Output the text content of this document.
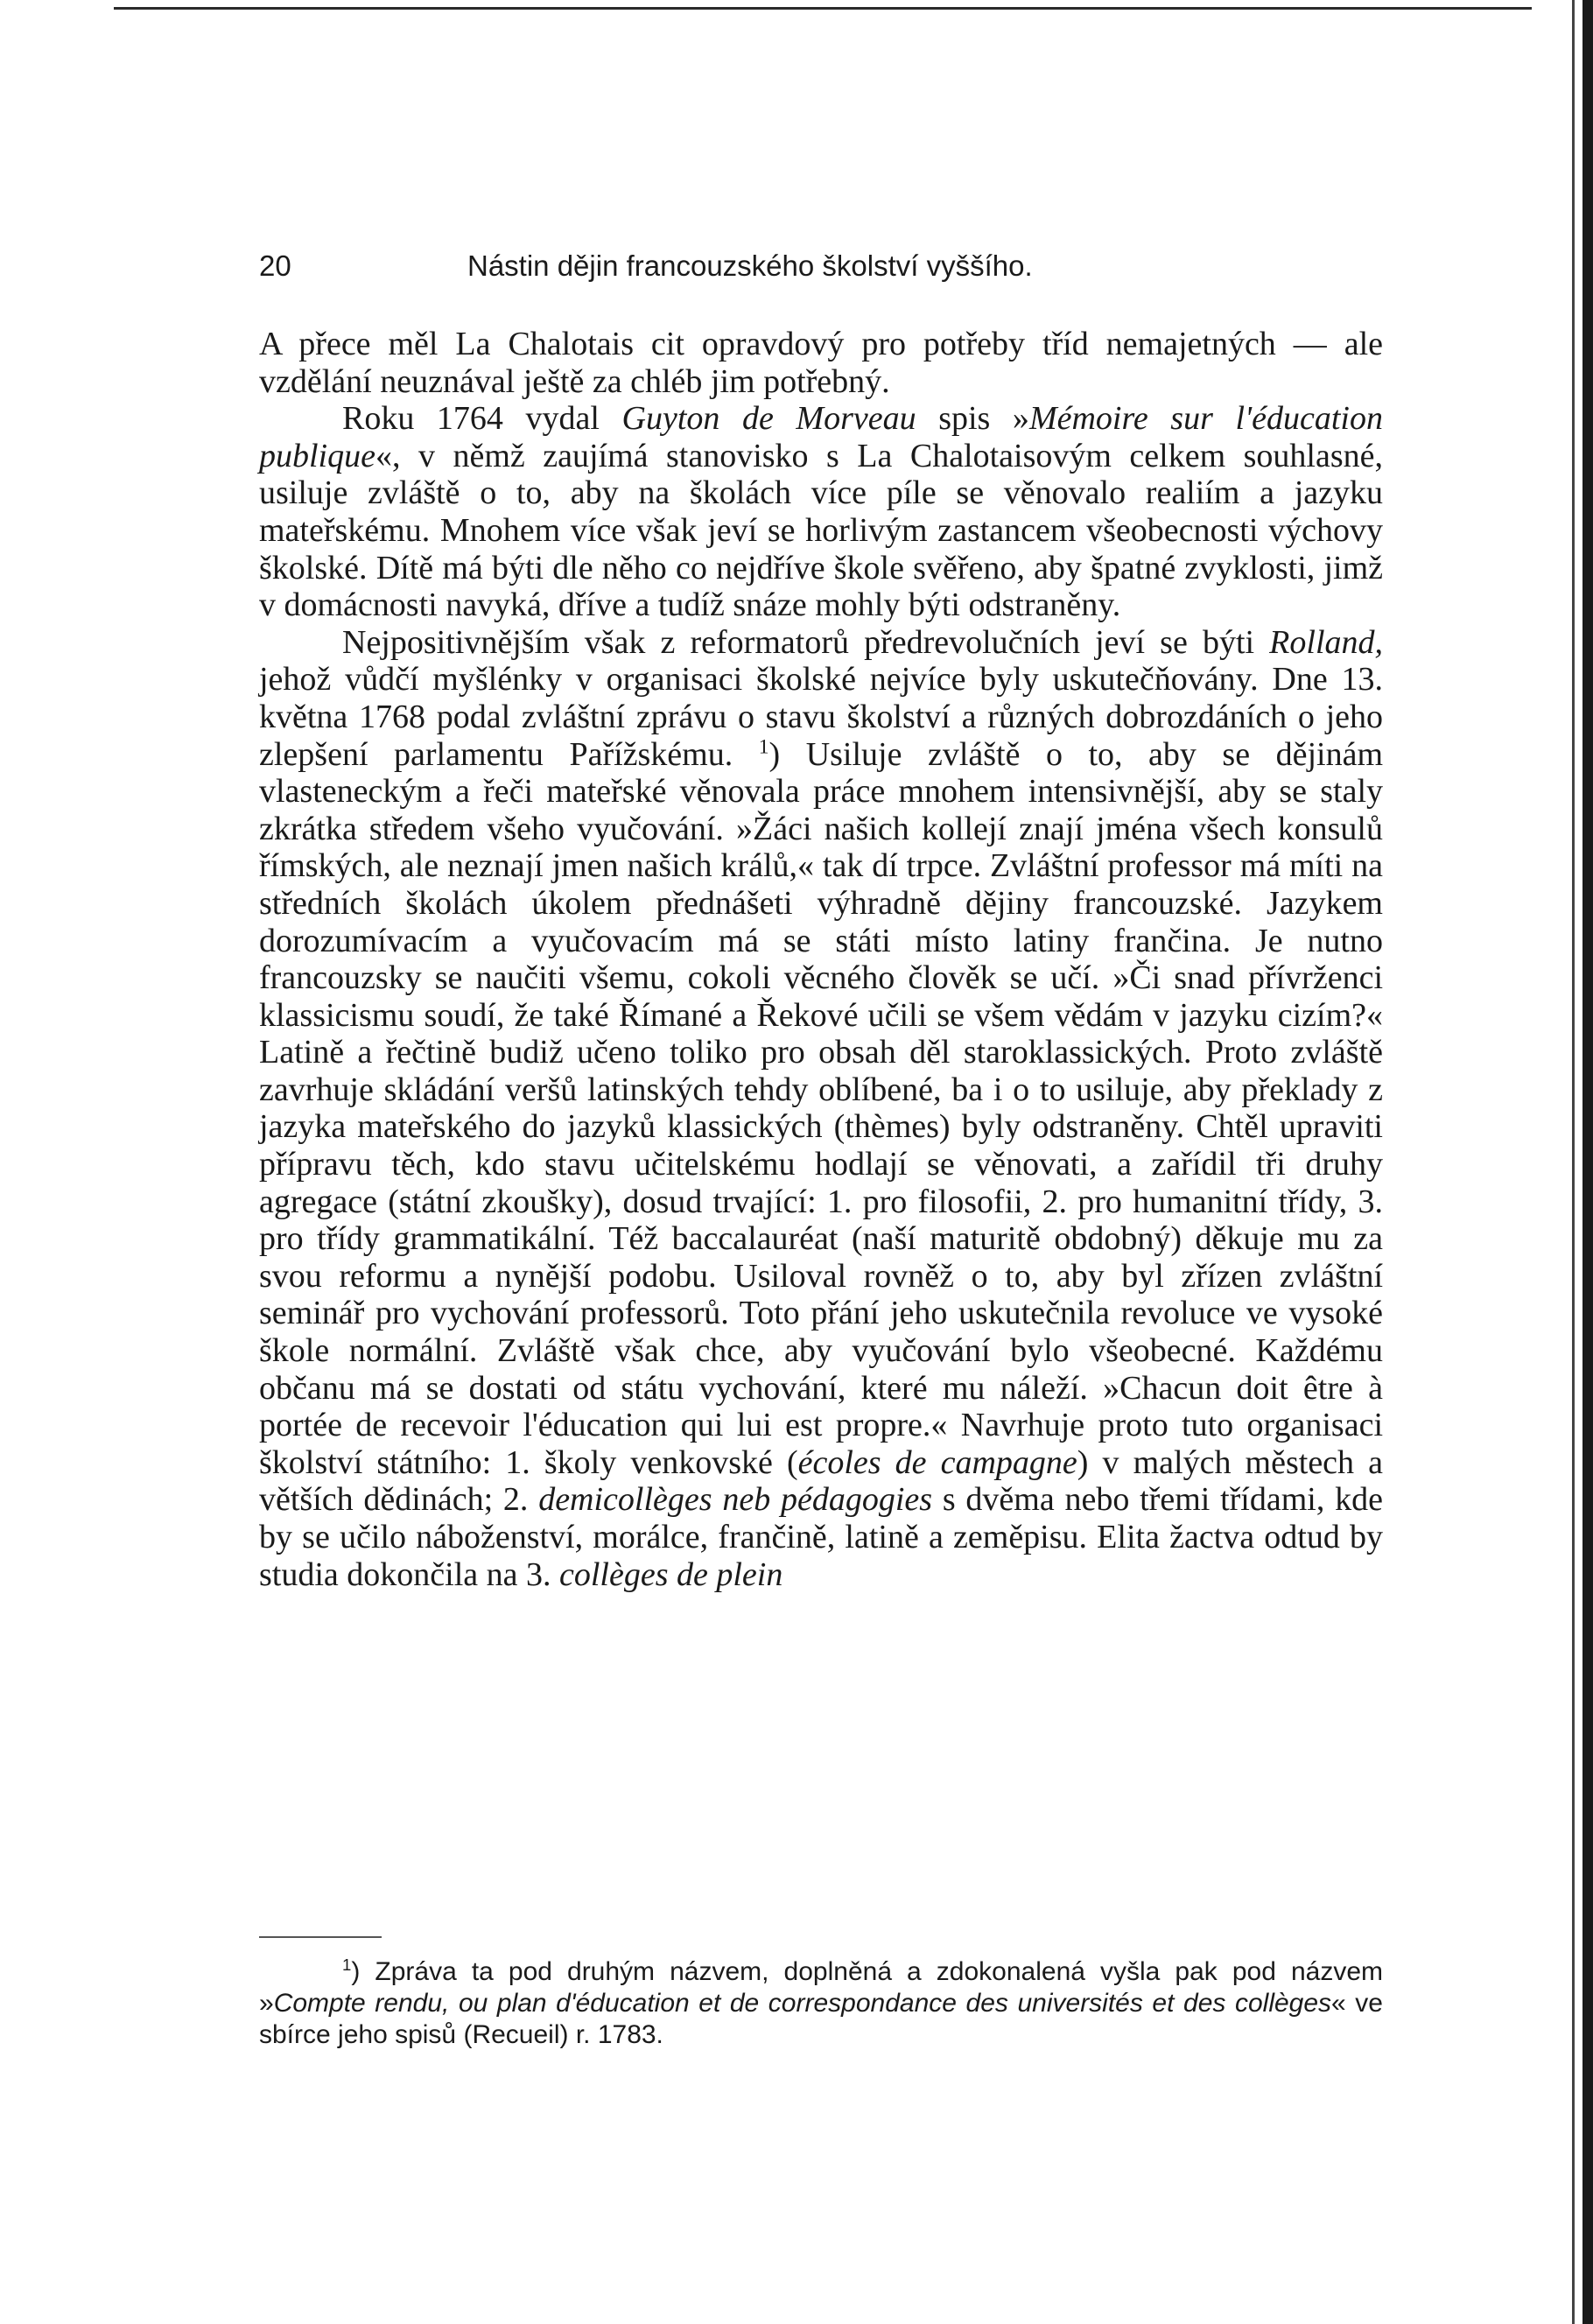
20	Nástin dějin francouzského školství vyššího.

A přece měl La Chalotais cit opravdový pro potřeby tříd nemajetných — ale vzdělání neuznával ještě za chléb jim potřebný.

Roku 1764 vydal Guyton de Morveau spis »Mémoire sur l'éducation publique«, v němž zaujímá stanovisko s La Chalotaisovým celkem souhlasné, usiluje zvláště o to, aby na školách více píle se věnovalo realiím a jazyku mateřskému. Mnohem více však jeví se horlivým zastancem všeobecnosti výchovy školské. Dítě má býti dle něho co nejdříve škole svěřeno, aby špatné zvyklosti, jimž v domácnosti navyká, dříve a tudíž snáze mohly býti odstraněny.

Nejpositivnějším však z reformatorů předrevolučních jeví se býti Rolland, jehož vůdčí myšlénky v organisaci školské nejvíce byly uskutečňovány. Dne 13. května 1768 podal zvláštní zprávu o stavu školství a různých dobrozdáních o jeho zlepšení parlamentu Pařížskému. $^1$) Usiluje zvláště o to, aby se dějinám vlasteneckým a řeči mateřské věnovala práce mnohem intensivnější, aby se staly zkrátka středem všeho vyučování. »Žáci našich kollejí znají jména všech konsulů římských, ale neznají jmen našich králů,« tak dí trpce. Zvláštní professor má míti na středních školách úkolem přednášeti výhradně dějiny francouzské. Jazykem dorozumívacím a vyučovacím má se státi místo latiny frančina. Je nutno francouzsky se naučiti všemu, cokoli věcného člověk se učí. »Či snad přívrženci klassicismu soudí, že také Římané a Řekové učili se všem vědám v jazyku cizím?« Latině a řečtině budiž učeno toliko pro obsah děl staroklassických. Proto zvláště zavrhuje skládání veršů latinských tehdy oblíbené, ba i o to usiluje, aby překlady z jazyka mateřského do jazyků klassických (thèmes) byly odstraněny. Chtěl upraviti přípravu těch, kdo stavu učitelskému hodlají se věnovati, a zařídil tři druhy agregace (státní zkoušky), dosud trvající: 1. pro filosofii, 2. pro humanitní třídy, 3. pro třídy grammatikální. Též baccalauréat (naší maturitě obdobný) děkuje mu za svou reformu a nynější podobu. Usiloval rovněž o to, aby byl zřízen zvláštní seminář pro vychování professorů. Toto přání jeho uskutečnila revoluce ve vysoké škole normální. Zvláště však chce, aby vyučování bylo všeobecné. Každému občanu má se dostati od státu vychování, které mu náleží. »Chacun doit être à portée de recevoir l'éducation qui lui est propre.« Navrhuje proto tuto organisaci školství státního: 1. školy venkovské (écoles de campagne) v malých městech a větších dědinách; 2. demicollèges neb pédagogies s dvěma nebo třemi třídami, kde by se učilo náboženství, morálce, frančině, latině a zeměpisu. Elita žactva odtud by studia dokončila na 3. collèges de plein

$^1$) Zpráva ta pod druhým názvem, doplněná a zdokonalená vyšla pak pod názvem »Compte rendu, ou plan d'éducation et de correspondance des universités et des collèges« ve sbírce jeho spisů (Recueil) r. 1783.
